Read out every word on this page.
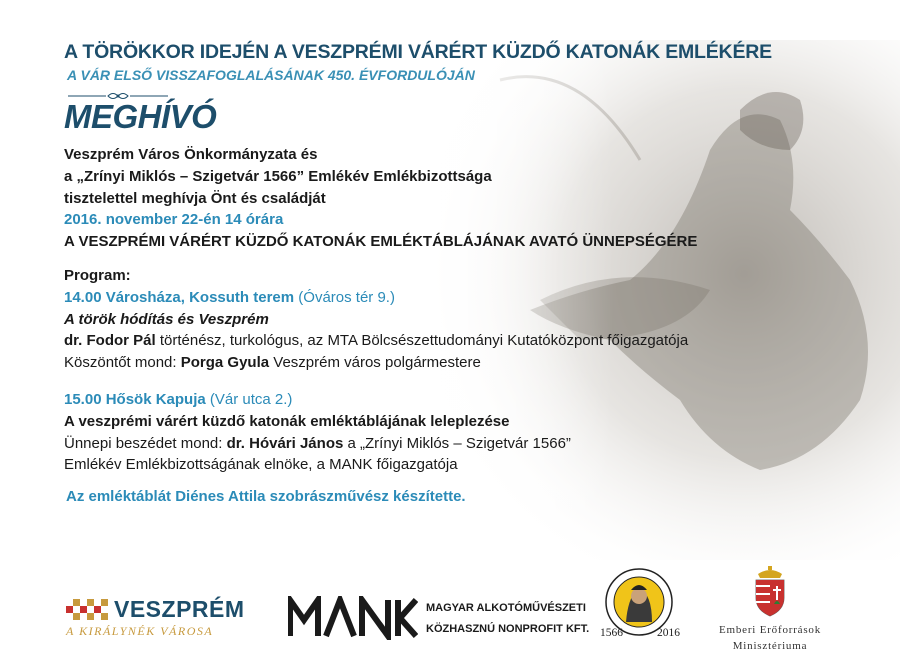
A TÖRÖKKOR IDEJÉN A VESZPRÉMI VÁRÉRT KÜZDŐ KATONÁK EMLÉKÉRE
A VÁR ELSŐ VISSZAFOGLALÁSÁNAK 450. ÉVFORDULÓJÁN
MEGHÍVÓ
Veszprém Város Önkormányzata és
a „Zrínyi Miklós – Szigetvár 1566” Emlékév Emlékbizottsága
tisztelettel meghívja Önt és családját
2016. november 22-én 14 órára
A VESZPRÉMI VÁRÉRT KÜZDŐ KATONÁK EMLÉKTÁBLÁJÁNAK AVATÓ ÜNNEPSÉGÉRE
Program:
14.00 Városháza, Kossuth terem (Óváros tér 9.)
A török hódítás és Veszprém
dr. Fodor Pál történész, turkológus, az MTA Bölcsészettudományi Kutatóközpont főigazgatója
Köszöntőt mond: Porga Gyula Veszprém város polgármestere
15.00 Hősök Kapuja (Vár utca 2.)
A veszprémi várért küzdő katonák emléktáblájának leleplezése
Ünnepi beszédet mond: dr. Hóvári János a „Zrínyi Miklós – Szigetvár 1566”
Emlékév Emlékbizottságának elnöke, a MANK főigazgatója
Az emléktáblát Diénes Attila szobrászművész készítette.
VESZPRÉM
A KIRÁLYNÉK VÁROSA
MAGYAR ALKOTÓMŰVÉSZETI
KÖZHASZNÚ NONPROFIT KFT. 1566	2016	Emberi Erőforrások
Minisztériuma
